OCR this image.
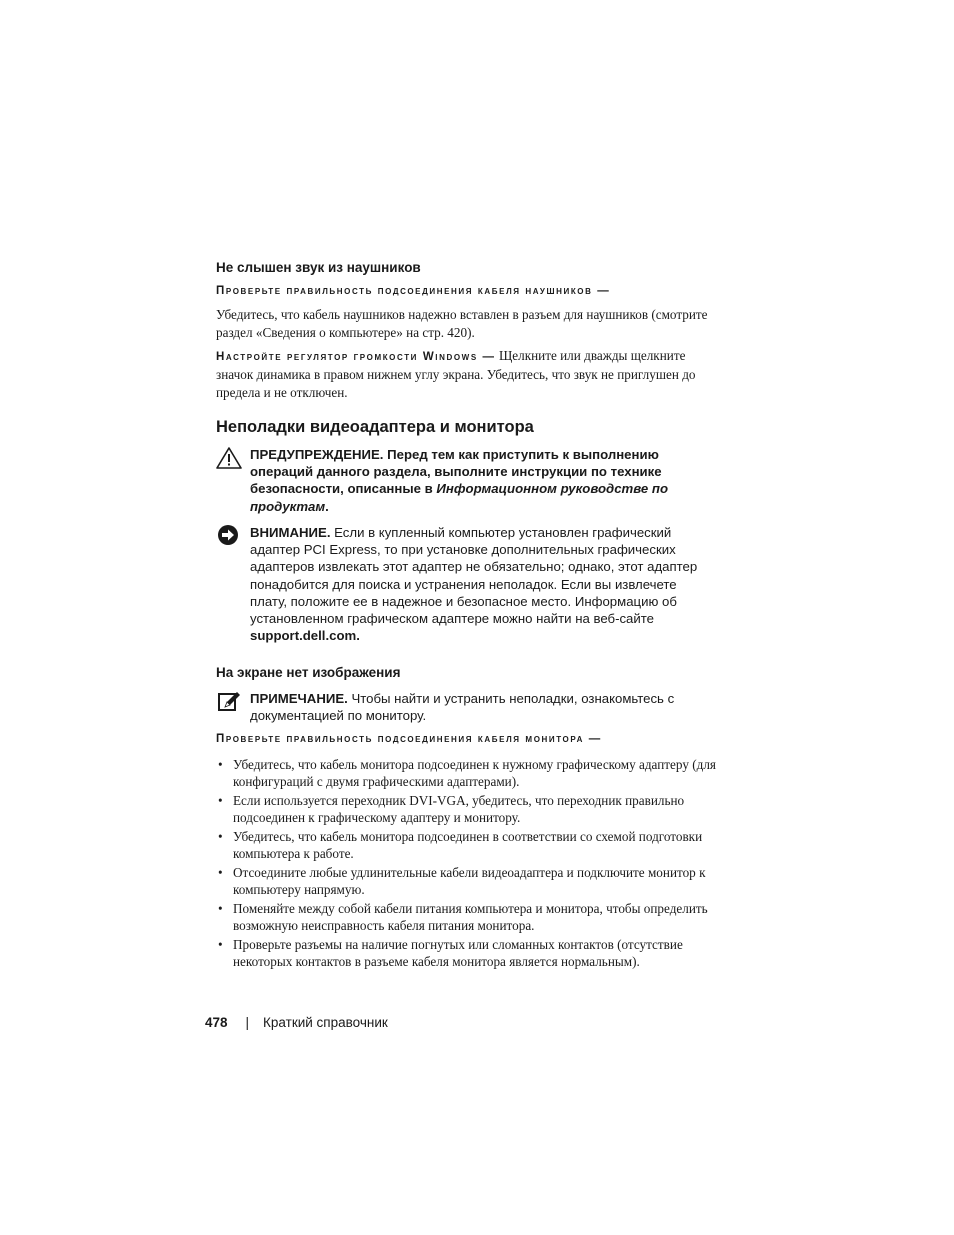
Не слышен звук из наушников
Проверьте правильность подсоединения кабеля наушников —
Убедитесь, что кабель наушников надежно вставлен в разъем для наушников (смотрите раздел «Сведения о компьютере» на стр. 420).
Настройте регулятор громкости Windows — Щелкните или дважды щелкните значок динамика в правом нижнем углу экрана. Убедитесь, что звук не приглушен до предела и не отключен.
Неполадки видеоадаптера и монитора
ПРЕДУПРЕЖДЕНИЕ. Перед тем как приступить к выполнению операций данного раздела, выполните инструкции по технике безопасности, описанные в Информационном руководстве по продуктам.
ВНИМАНИЕ. Если в купленный компьютер установлен графический адаптер PCI Express, то при установке дополнительных графических адаптеров извлекать этот адаптер не обязательно; однако, этот адаптер понадобится для поиска и устранения неполадок. Если вы извлечете плату, положите ее в надежное и безопасное место. Информацию об установленном графическом адаптере можно найти на веб-сайте support.dell.com.
На экране нет изображения
ПРИМЕЧАНИЕ. Чтобы найти и устранить неполадки, ознакомьтесь с документацией по монитору.
Проверьте правильность подсоединения кабеля монитора —
• Убедитесь, что кабель монитора подсоединен к нужному графическому адаптеру (для конфигураций с двумя графическими адаптерами).
• Если используется переходник DVI-VGA, убедитесь, что переходник правильно подсоединен к графическому адаптеру и монитору.
• Убедитесь, что кабель монитора подсоединен в соответствии со схемой подготовки компьютера к работе.
• Отсоедините любые удлинительные кабели видеоадаптера и подключите монитор к компьютеру напрямую.
• Поменяйте между собой кабели питания компьютера и монитора, чтобы определить возможную неисправность кабеля питания монитора.
• Проверьте разъемы на наличие погнутых или сломанных контактов (отсутствие некоторых контактов в разъеме кабеля монитора является нормальным).
478 | Краткий справочник
